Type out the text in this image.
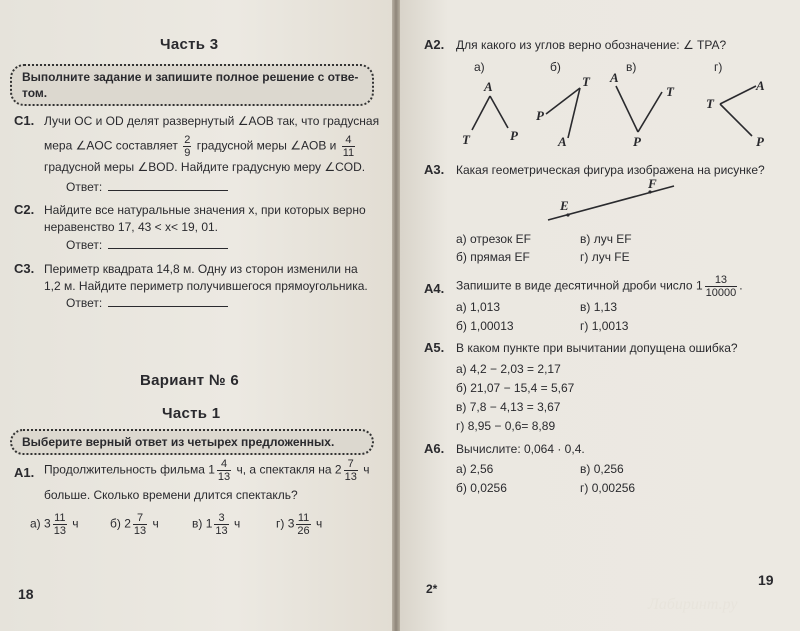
Часть 3
Выполните задание и запишите полное решение с отве-
том.
С1. Лучи OC и OD делят развернутый ∠AOB так, что градусная
мера ∠AOC составляет $\frac{2}{9}$ градусной меры ∠AOB и $\frac{4}{11}$
градусной меры ∠BOD. Найдите градусную меру ∠COD.
Ответ:
С2. Найдите все натуральные значения x, при которых верно
неравенство 17, 43 < x< 19, 01.
Ответ:
С3. Периметр квадрата 14,8 м. Одну из сторон изменили на
1,2 м. Найдите периметр получившегося прямоугольника.
Ответ:
Вариант № 6
Часть 1
Выберите верный ответ из четырех предложенных.
А1. Продолжительность фильма $1 \frac{4}{13} ч$, а спектакля на $2 \frac{7}{13}$ ч
больше. Сколько времени длится спектакль?
а) $3 \frac{11}{13}$ ч	б) $2 \frac{7}{13}$ ч	в) $1 \frac{3}{13}$ ч	г) $3 \frac{11}{26}$ ч
18
А2. Для какого из углов верно обозначение: ∠ TPA?
а)	б)	в)	г)
A
T	P
T
P
A
A
T
P
T
A
P
А3. Какая геометрическая фигура изображена на рисунке?
E
F
а) отрезок EF	в) луч EF
б) прямая EF	г) луч FE
А4. Запишите в виде десятичной дроби число $1 \frac{13}{10000}$ .
а) 1,013	в) 1,13
б) 1,00013	г) 1,0013
А5. В каком пункте при вычитании допущена ошибка?
а) 4,2 − 2,03 = 2,17
б) 21,07 − 15,4 = 5,67
в) 7,8 − 4,13 = 3,67
г) 8,95 − 0,6= 8,89
А6. Вычислите: 0,064 · 0,4.
а) 2,56	в) 0,256
б) 0,0256	г) 0,00256
2*
19
Лабиринт.ру
